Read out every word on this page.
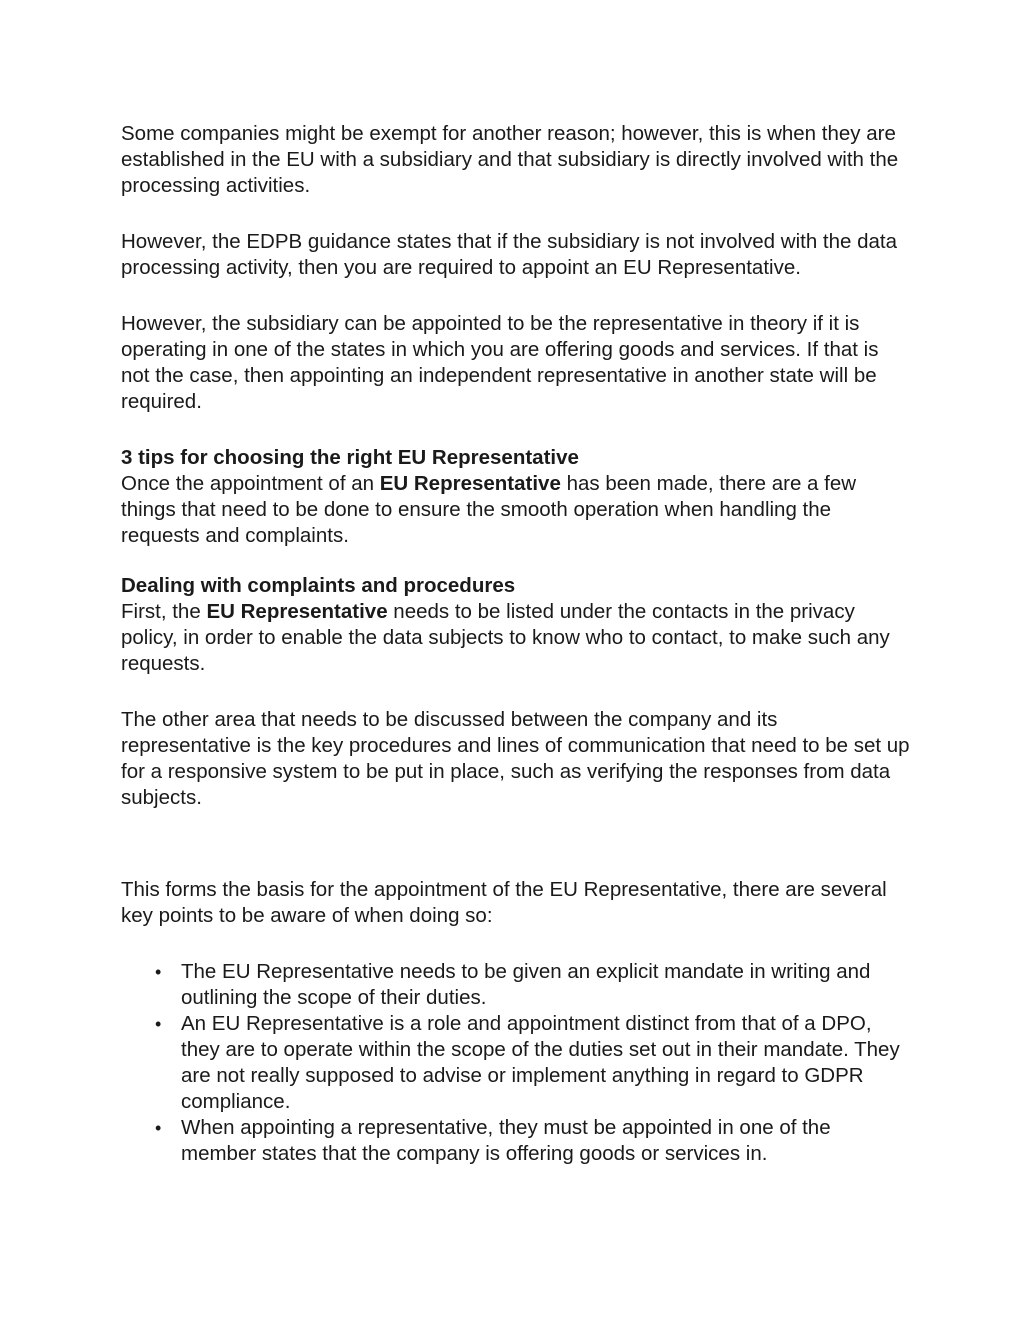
Some companies might be exempt for another reason; however, this is when they are established in the EU with a subsidiary and that subsidiary is directly involved with the processing activities.

However, the EDPB guidance states that if the subsidiary is not involved with the data processing activity, then you are required to appoint an EU Representative.

However, the subsidiary can be appointed to be the representative in theory if it is operating in one of the states in which you are offering goods and services. If that is not the case, then appointing an independent representative in another state will be required.

3 tips for choosing the right EU Representative

Once the appointment of an EU Representative has been made, there are a few things that need to be done to ensure the smooth operation when handling the requests and complaints.

Dealing with complaints and procedures

First, the EU Representative needs to be listed under the contacts in the privacy policy, in order to enable the data subjects to know who to contact, to make such any requests.

The other area that needs to be discussed between the company and its representative is the key procedures and lines of communication that need to be set up for a responsive system to be put in place, such as verifying the responses from data subjects.

This forms the basis for the appointment of the EU Representative, there are several key points to be aware of when doing so:

• The EU Representative needs to be given an explicit mandate in writing and outlining the scope of their duties.
• An EU Representative is a role and appointment distinct from that of a DPO, they are to operate within the scope of the duties set out in their mandate. They are not really supposed to advise or implement anything in regard to GDPR compliance.
• When appointing a representative, they must be appointed in one of the member states that the company is offering goods or services in.
